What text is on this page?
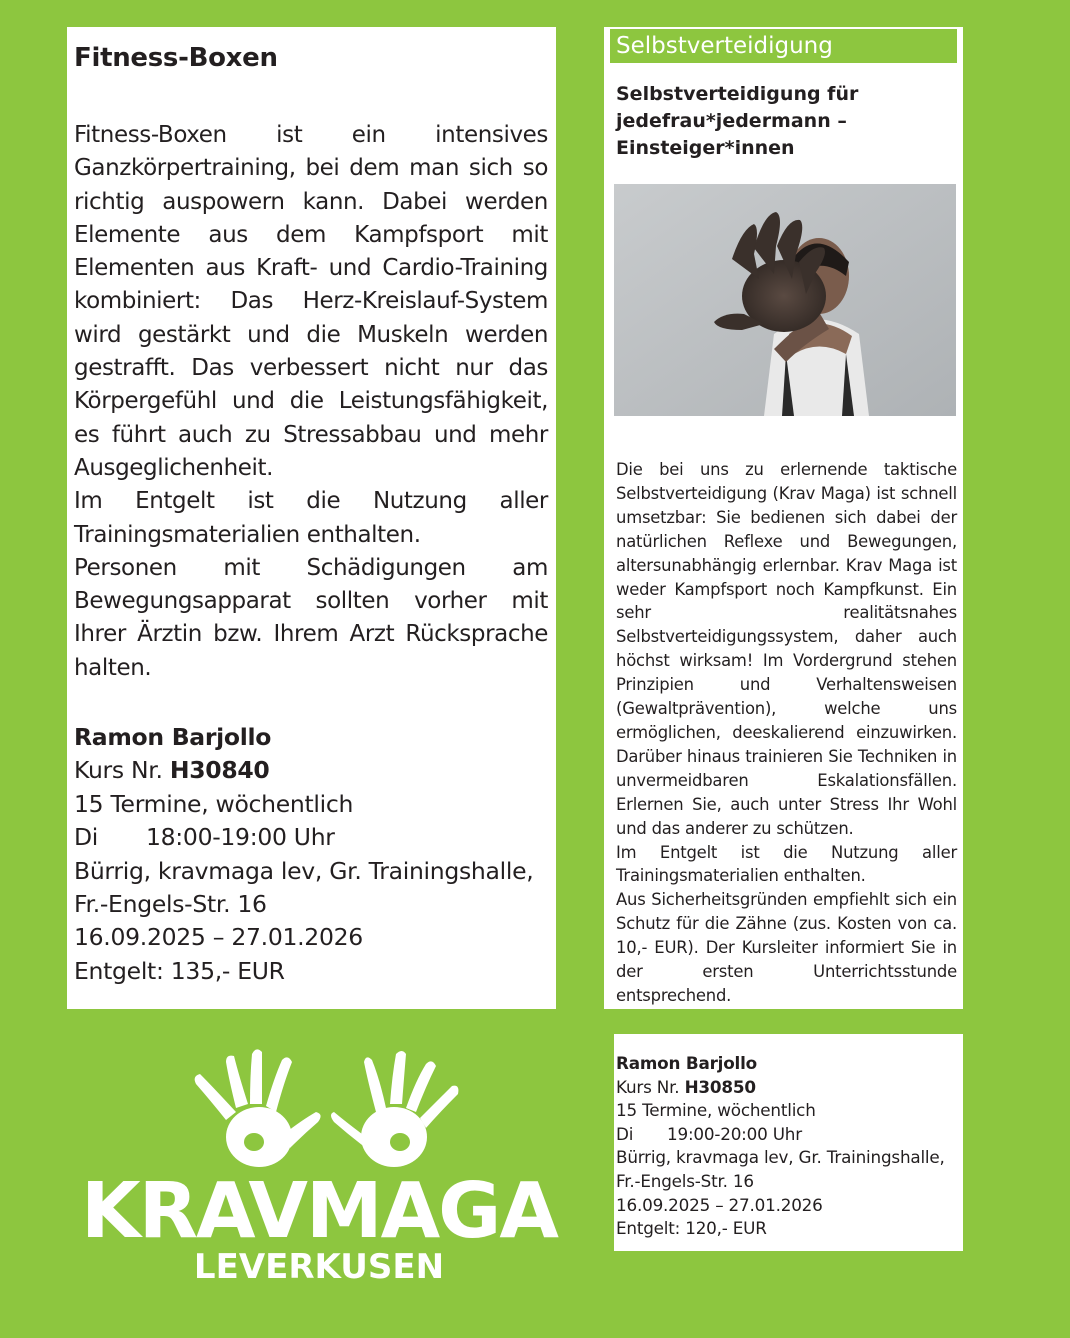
Fitness-Boxen

Fitness-Boxen ist ein intensives Ganzkörpertraining, bei dem man sich so richtig auspowern kann. Dabei werden Elemente aus dem Kampfsport mit Elementen aus Kraft- und Cardio-Training kombiniert: Das Herz-Kreislauf-System wird gestärkt und die Muskeln werden gestrafft. Das verbessert nicht nur das Körpergefühl und die Leistungsfähigkeit, es führt auch zu Stressabbau und mehr Ausgeglichenheit.

Im Entgelt ist die Nutzung aller Trainingsmaterialien enthalten.

Personen mit Schädigungen am Bewegungsapparat sollten vorher mit Ihrer Ärztin bzw. Ihrem Arzt Rücksprache halten.

Ramon Barjollo
Kurs Nr. H30840
15 Termine, wöchentlich
Di 18:00-19:00 Uhr
Bürrig, kravmaga lev, Gr. Trainingshalle,
Fr.-Engels-Str. 16
16.09.2025 – 27.01.2026
Entgelt: 135,- EUR
Selbstverteidigung
Selbstverteidigung für
jedefrau*jedermann –
Einsteiger*innen

Die bei uns zu erlernende taktische Selbstverteidigung (Krav Maga) ist schnell umsetzbar: Sie bedienen sich dabei der natürlichen Reflexe und Bewegungen, altersunabhängig erlernbar. Krav Maga ist weder Kampfsport noch Kampfkunst. Ein sehr realitätsnahes Selbstverteidigungssystem, daher auch höchst wirksam! Im Vordergrund stehen Prinzipien und Verhaltensweisen (Gewaltprävention), welche uns ermöglichen, deeskalierend einzuwirken. Darüber hinaus trainieren Sie Techniken in unvermeidbaren Eskalationsfällen. Erlernen Sie, auch unter Stress Ihr Wohl und das anderer zu schützen.

Im Entgelt ist die Nutzung aller Trainingsmaterialien enthalten.

Aus Sicherheitsgründen empfiehlt sich ein Schutz für die Zähne (zus. Kosten von ca. 10,- EUR). Der Kursleiter informiert Sie in der ersten Unterrichtsstunde entsprechend.

Ramon Barjollo
Kurs Nr. H30850
15 Termine, wöchentlich
Di 19:00-20:00 Uhr
Bürrig, kravmaga lev, Gr. Trainingshalle,
Fr.-Engels-Str. 16
16.09.2025 – 27.01.2026
Entgelt: 120,- EUR
KRAVMAGA
LEVERKUSEN
